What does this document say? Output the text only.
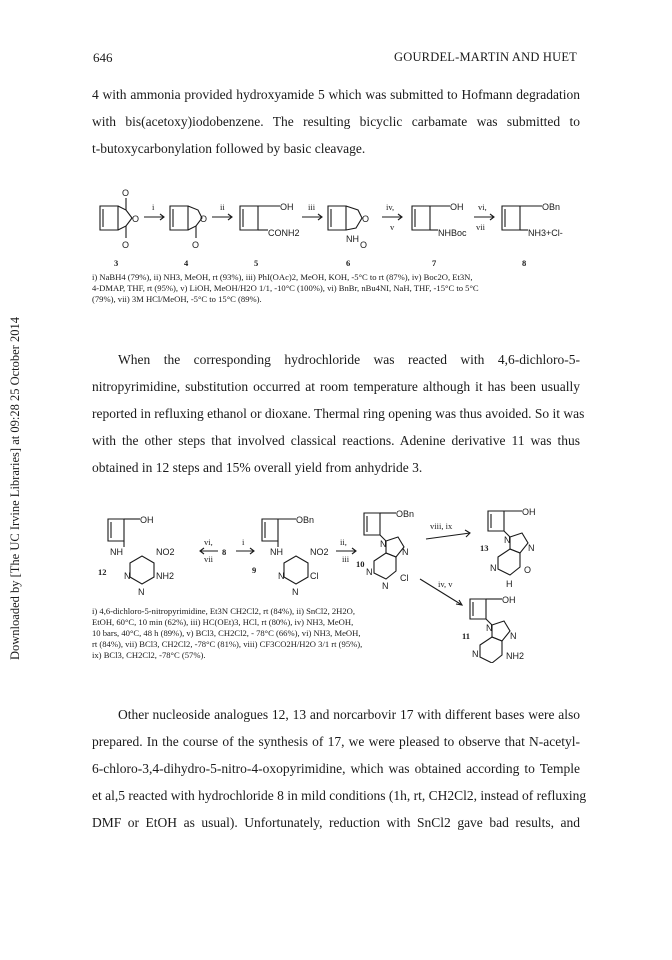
646	GOURDEL-MARTIN AND HUET
Downloaded by [The UC Irvine Libraries] at 09:28 25 October 2014
4 with ammonia provided hydroxyamide 5 which was submitted to Hofmann degradation
with bis(acetoxy)iodobenzene. The resulting bicyclic carbamate was submitted to
t-butoxycarbonylation followed by basic cleavage.
O
O
O
i
O
O
ii	OH
CONH2
iii
O
NH
O
iv,
v
OH
NHBoc
vi,
vii
OBn
NH3+Cl-
3	4	5	6	7	8
i) NaBH4 (79%), ii) NH3, MeOH, rt (93%), iii) PhI(OAc)2, MeOH, KOH, -5°C to rt (87%), iv) Boc2O, Et3N,
4-DMAP, THF, rt (95%), v) LiOH, MeOH/H2O 1/1, -10°C (100%), vi) BnBr, nBu4NI, NaH, THF, -15°C to 5°C
(79%), vii) 3M HCl/MeOH, -5°C to 15°C (89%).
When the corresponding hydrochloride was reacted with 4,6-dichloro-5-
nitropyrimidine, substitution occurred at room temperature although it has been usually
reported in refluxing ethanol or dioxane. Thermal ring opening was thus avoided. So it was
with the other steps that involved classical reactions. Adenine derivative 11 was thus
obtained in 12 steps and 15% overall yield from anhydride 3.
OH
NH	NO2
NH2
N
N
12
vi,
vii
8
i
OBn
NH	NO2
Cl
N
N
9
ii,
iii
OBn
N
N
N
N
Cl
10
viii, ix
iv, v
OH
N
N
N	O
H
13
OH
N
N
N	NH2
11
i) 4,6-dichloro-5-nitropyrimidine, Et3N CH2Cl2, rt (84%), ii) SnCl2, 2H2O,
EtOH, 60°C, 10 min (62%), iii) HC(OEt)3, HCl, rt (80%), iv) NH3, MeOH,
10 bars, 40°C, 48 h (89%), v) BCl3, CH2Cl2, - 78°C (66%), vi) NH3, MeOH,
rt (84%), vii) BCl3, CH2Cl2, -78°C (81%), viii) CF3CO2H/H2O 3/1 rt (95%),
ix) BCl3, CH2Cl2, -78°C (57%).
Other nucleoside analogues 12, 13 and norcarbovir 17 with different bases were also
prepared. In the course of the synthesis of 17, we were pleased to observe that N-acetyl-
6-chloro-3,4-dihydro-5-nitro-4-oxopyrimidine, which was obtained according to Temple
et al,5 reacted with hydrochloride 8 in mild conditions (1h, rt, CH2Cl2, instead of refluxing
DMF or EtOH as usual). Unfortunately, reduction with SnCl2 gave bad results, and
